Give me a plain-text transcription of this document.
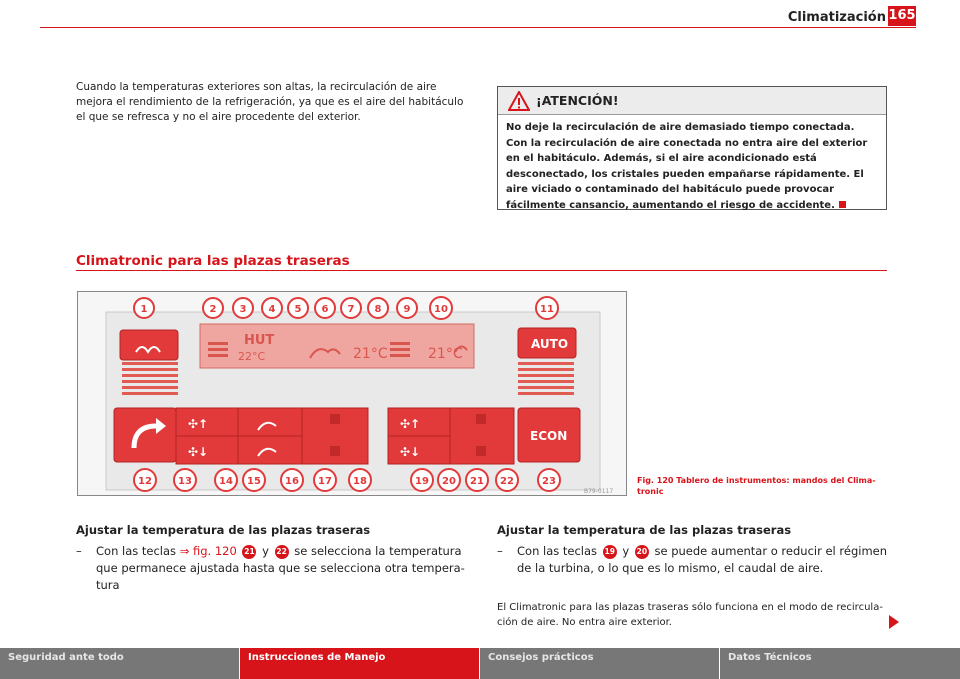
Climatización 165

Cuando la temperaturas exteriores son altas, la recirculación de aire mejora el rendimiento de la refrigeración, ya que es el aire del habitáculo el que se refresca y no el aire procedente del exterior.

¡ATENCIÓN!
No deje la recirculación de aire demasiado tiempo conectada. Con la recirculación de aire conectada no entra aire del exterior en el habitáculo. Además, si el aire acondicionado está desconectado, los cristales pueden empañarse rápidamente. El aire viciado o contaminado del habitáculo puede provocar fácilmente cansancio, aumentando el riesgo de accidente.
Climatronic para las plazas traseras
HUT
22°C	21°C	21°C
AUTO
✣↑
✣↓
✣↑
✣↓
ECON
1	2 3 4 5 6 7 8 9 10	11
12	13	14 15 16 17 18	19 20 21 22	23
B79-0117
Fig. 120 Tablero de instrumentos: mandos del Clima-tronic
Ajustar la temperatura de las plazas traseras
–	Con las teclas ⇒ fig. 120 21 y 22 se selecciona la temperatura que permanece ajustada hasta que se selecciona otra tempera-tura
Ajustar la temperatura de las plazas traseras
–	Con las teclas 19 y 20 se puede aumentar o reducir el régimen de la turbina, o lo que es lo mismo, el caudal de aire.

El Climatronic para las plazas traseras sólo funciona en el modo de recircula-ción de aire. No entra aire exterior.

Seguridad ante todo	Instrucciones de Manejo	Consejos prácticos	Datos Técnicos
